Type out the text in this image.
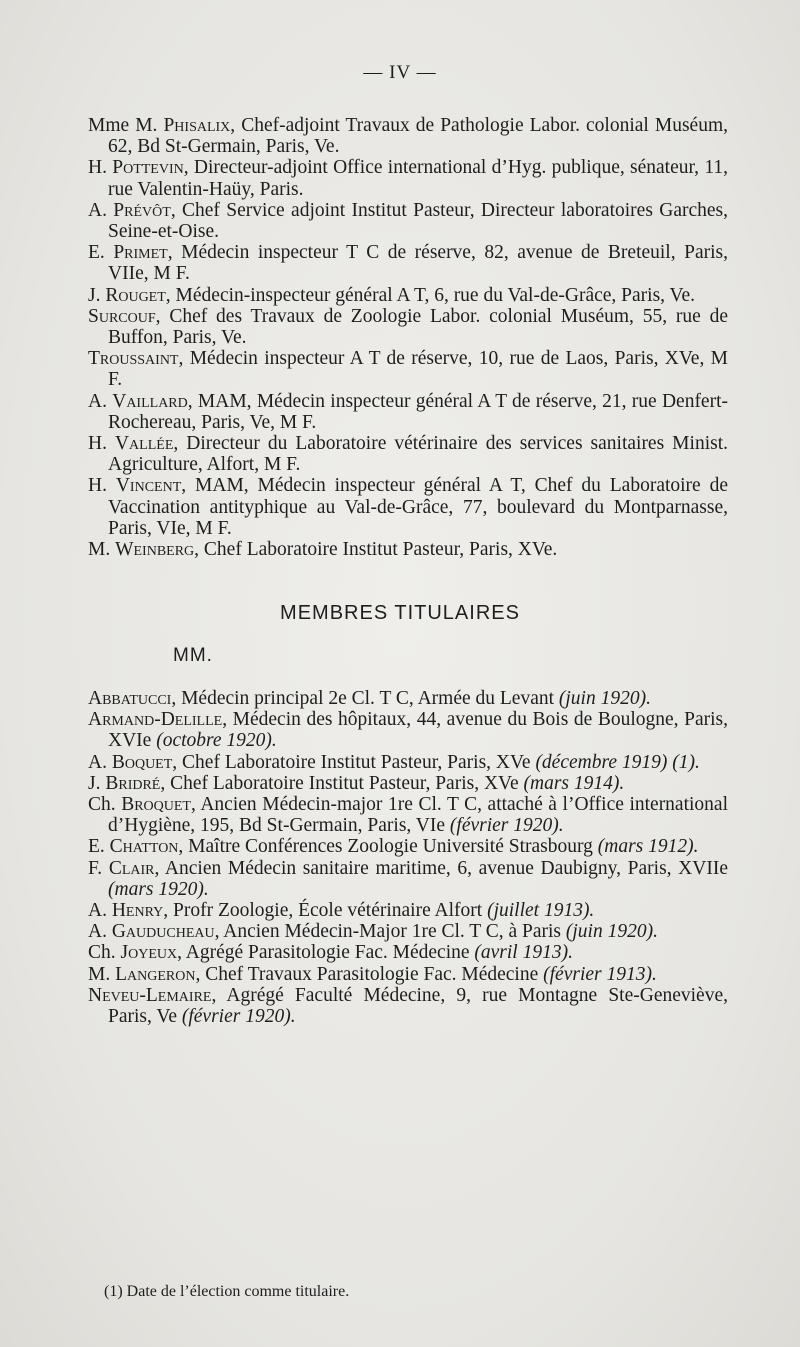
— IV —

Mme M. Phisalix, Chef-adjoint Travaux de Pathologie Labor. colonial Muséum, 62, Bd St-Germain, Paris, Ve.

H. Pottevin, Directeur-adjoint Office international d’Hyg. publique, sénateur, 11, rue Valentin-Haüy, Paris.

A. Prévôt, Chef Service adjoint Institut Pasteur, Directeur laboratoires Garches, Seine-et-Oise.

E. Primet, Médecin inspecteur T C de réserve, 82, avenue de Breteuil, Paris, VIIe, M F.

J. Rouget, Médecin-inspecteur général A T, 6, rue du Val-de-Grâce, Paris, Ve.

Surcouf, Chef des Travaux de Zoologie Labor. colonial Muséum, 55, rue de Buffon, Paris, Ve.

Troussaint, Médecin inspecteur A T de réserve, 10, rue de Laos, Paris, XVe, M F.

A. Vaillard, MAM, Médecin inspecteur général A T de réserve, 21, rue Denfert-Rochereau, Paris, Ve, M F.

H. Vallée, Directeur du Laboratoire vétérinaire des services sanitaires Minist. Agriculture, Alfort, M F.

H. Vincent, MAM, Médecin inspecteur général A T, Chef du Laboratoire de Vaccination antityphique au Val-de-Grâce, 77, boulevard du Montparnasse, Paris, VIe, M F.

M. Weinberg, Chef Laboratoire Institut Pasteur, Paris, XVe.

MEMBRES TITULAIRES
MM.

Abbatucci, Médecin principal 2e Cl. T C, Armée du Levant (juin 1920).

Armand-Delille, Médecin des hôpitaux, 44, avenue du Bois de Boulogne, Paris, XVIe (octobre 1920).

A. Boquet, Chef Laboratoire Institut Pasteur, Paris, XVe (décembre 1919) (1).

J. Bridré, Chef Laboratoire Institut Pasteur, Paris, XVe (mars 1914).

Ch. Broquet, Ancien Médecin-major 1re Cl. T C, attaché à l’Office international d’Hygiène, 195, Bd St-Germain, Paris, VIe (février 1920).

E. Chatton, Maître Conférences Zoologie Université Strasbourg (mars 1912).

F. Clair, Ancien Médecin sanitaire maritime, 6, avenue Daubigny, Paris, XVIIe (mars 1920).

A. Henry, Profr Zoologie, École vétérinaire Alfort (juillet 1913).

A. Gauducheau, Ancien Médecin-Major 1re Cl. T C, à Paris (juin 1920).

Ch. Joyeux, Agrégé Parasitologie Fac. Médecine (avril 1913).

M. Langeron, Chef Travaux Parasitologie Fac. Médecine (février 1913).

Neveu-Lemaire, Agrégé Faculté Médecine, 9, rue Montagne Ste-Geneviève, Paris, Ve (février 1920).

(1) Date de l’élection comme titulaire.
